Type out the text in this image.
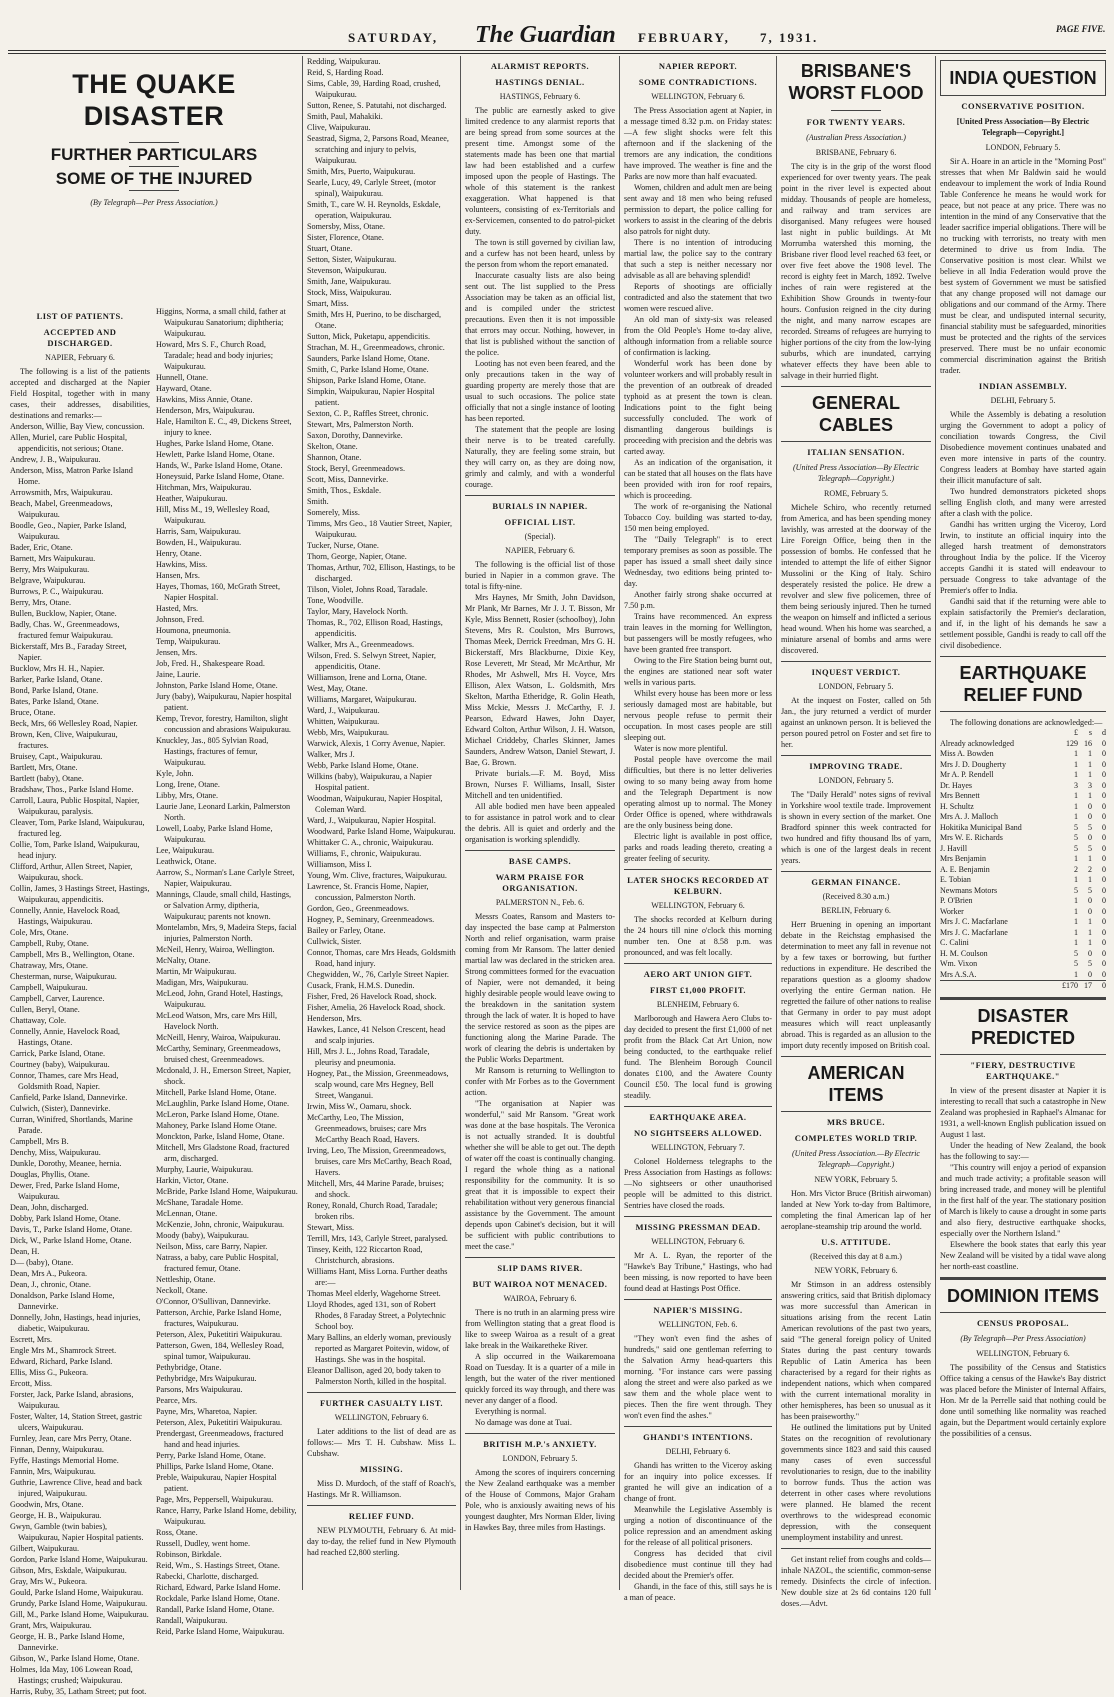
SATURDAY, The Guardian FEBRUARY, 7, 1931.
PAGE FIVE.
THE QUAKE DISASTER
FURTHER PARTICULARS
SOME OF THE INJURED
(By Telegraph—Per Press Association.)
LIST OF PATIENTS.
ACCEPTED AND DISCHARGED.
NAPIER, February 6.

The following is a list of the patients accepted and discharged at the Napier Field Hospital, together with in many cases, their addresses, disabilities, destinations and remarks:—

Anderson, Willie, Bay View, concussion.
Allen, Muriel, care Public Hospital, appendicitis, not serious; Otane.
Andrew, J. B., Waipukurau.
Anderson, Miss, Matron Parke Island Home.
Arrowsmith, Mrs, Waipukurau.
Beach, Mabel, Greenmeadows, Waipukurau.
Boodle, Geo., Napier, Parke Island, Waipukurau.
Bader, Eric, Otane.
Barnett, Mrs Waipukurau.
Berry, Mrs Waipukurau.
Belgrave, Waipukurau.
Burrows, P. C., Waipukurau.
Berry, Mrs, Otane.
Bullen, Bucklow, Napier, Otane.
Badly, Chas. W., Greenmeadows, fractured femur Waipukurau.
Bickerstaff, Mrs B., Faraday Street, Napier.
Bucklow, Mrs H. H., Napier.
Barker, Parke Island, Otane.
Bond, Parke Island, Otane.
Bates, Parke Island, Otane.
Bruce, Otane.
Beck, Mrs, 66 Wellesley Road, Napier.
Brown, Ken, Clive, Waipukurau, fractures.
Bruisey, Capt., Waipukurau.
Bartlett, Mrs, Otane.
Bartlett (baby), Otane.
Bradshaw, Thos., Parke Island Home.
Carroll, Laura, Public Hospital, Napier, Waipukurau, paralysis.
Cleaver, Tom, Parke Island, Waipukurau, fractured leg.
Collie, Tom, Parke Island, Waipukurau, head injury.
Clifford, Arthur, Allen Street, Napier, Waipukurau, shock.
Collin, James, 3 Hastings Street, Hastings, Waipukurau, appendicitis.
Connelly, Annie, Havelock Road, Hastings, Waipukurau.
Cole, Mrs, Otane.
Campbell, Ruby, Otane.
Campbell, Mrs B., Wellington, Otane.
Chatraway, Mrs, Otane.
Chesterman, nurse, Waipukurau.
Campbell, Waipukurau.
Campbell, Carver, Laurence.
Cullen, Beryl, Otane.
Chattaway, Cole.
Connelly, Annie, Havelock Road, Hastings, Otane.
Carrick, Parke Island, Otane.
Courtney (baby), Waipukurau.
Connor, Thames, care Mrs Head, Goldsmith Road, Napier.
Canfield, Parke Island, Dannevirke.
Culwich, (Sister), Dannevirke.
Curran, Winifred, Shortlands, Marine Parade.
Campbell, Mrs B.
Denchy, Miss, Waipukurau.
Dunkle, Dorothy, Meanee, hernia.
Douglas, Phyllis, Otane.
Dewer, Fred, Parke Island Home, Waipukurau.
Dean, John, discharged.
Dobby, Park Island Home, Otane.
Davis, T., Parke Island Home, Otane.
Dick, W., Parke Island Home, Otane.
Dean, H.
D— (baby), Otane.
Dean, Mrs A., Pukeora.
Dean, J., chronic, Otane.
Donaldson, Parke Island Home, Dannevirke.
Donnelly, John, Hastings, head injuries, diabetic, Waipukurau.
Escrett, Mrs.
Engle Mrs M., Shamrock Street.
Edward, Richard, Parke Island.
Ellis, Miss G., Pukeora.
Ercott, Miss.
Forster, Jack, Parke Island, abrasions, Waipukurau.
Foster, Walter, 14, Station Street, gastric ulcers, Waipukurau.
Furnley, Jean, care Mrs Perry, Otane.
Finnan, Denny, Waipukurau.
Fyffe, Hastings Memorial Home.
Fannin, Mrs, Waipukurau.
Guthrie, Lawrence Clive, head and back injured, Waipukurau.
Goodwin, Mrs, Otane.
George, H. B., Waipukurau.
Gwyn, Gamble (twin babies), Waipukurau, Napier Hospital patients.
Gilbert, Waipukurau.
Gordon, Parke Island Home, Waipukurau.
Gibson, Mrs, Eskdale, Waipukurau.
Gray, Mrs W., Pukeora.
Gould, Parke Island Home, Waipukurau.
Grundy, Parke Island Home, Waipukurau.
Gill, M., Parke Island Home, Waipukurau.
Grant, Mrs, Waipukurau.
George, H. B., Parke Island Home, Dannevirke.
Gibson, W., Parke Island Home, Otane.
Holmes, Ida May, 106 Lowean Road, Hastings; crushed; Waipukurau.
Harris, Ruby, 35, Latham Street; put foot.
Higgins, Norma, a small child, father at Waipukurau Sanatorium; diphtheria; Waipukurau.
Howard, Mrs S. F., Church Road, Taradale; head and body injuries; Waipukurau.
Hunnell, Otane.
Hayward, Otane.
Hawkins, Miss Annie, Otane.
Henderson, Mrs, Waipukurau.
Hale, Hamilton E. C., 49, Dickens Street, injury to knee.
Hughes, Parke Island Home, Otane.
Hewlett, Parke Island Home, Otane.
Hands, W., Parke Island Home, Otane.
Honeysuid, Parke Island Home, Otane.
Hitchman, Mrs, Waipukurau.
Heather, Waipukurau.
Hill, Miss M., 19, Wellesley Road, Waipukurau.
Harris, Sam, Waipukurau.
Bowden, H., Waipukurau.
Henry, Otane.
Hawkins, Miss.
Hansen, Mrs.
Hayes, Thomas, 160, McGrath Street, Napier Hospital.
Hasted, Mrs.
Johnson, Fred.
Houmona, pneumonia.
Temp, Waipukurau.
Jensen, Mrs.
Job, Fred. H., Shakespeare Road.
Jaine, Laurie.
Johnston, Parke Island Home, Otane.
Jury (baby), Waipukurau, Napier hospital patient.
Kemp, Trevor, forestry, Hamilton, slight concussion and abrasions Waipukurau.
Knuckley, Jas., 805 Sylvian Road, Hastings, fractures of femur, Waipukurau.
Kyle, John.
Long, Irene, Otane.
Libby, Mrs, Otane.
Laurie Jane, Leonard Larkin, Palmerston North.
Lowell, Loaby, Parke Island Home, Waipukurau.
Lee, Waipukurau.
Leathwick, Otane.
Aarrow, S., Norman's Lane Carlyle Street, Napier, Waipukurau.
Mannings, Claude, small child, Hastings, or Salvation Army, diptheria, Waipukurau; parents not known.
Montelambn, Mrs, 9, Madeira Steps, facial injuries, Palmerston North.
McNeil, Henry, Wairoa, Wellington.
McNalty, Otane.
Martin, Mr Waipukurau.
Madigan, Mrs, Waipukurau.
McLeod, John, Grand Hotel, Hastings, Waipukurau.
McLeod Watson, Mrs, care Mrs Hill, Havelock North.
McNeill, Henry, Wairoa, Waipukurau.
McCarthy, Seminary, Greenmeadows, bruised chest, Greenmeadows.
Mcdonald, J. H., Emerson Street, Napier, shock.
Mitchell, Parke Island Home, Otane.
McLaughlin, Parke Island Home, Otane.
McLeron, Parke Island Home, Otane.
Mahoney, Parke Island Home Otane.
Monckton, Parke, Island Home, Otane.
Mitchell, Mrs Gladstone Road, fractured arm, discharged.
Murphy, Laurie, Waipukurau.
Harkin, Victor, Otane.
McBride, Parke Island Home, Waipukurau.
McShane, Taradale Home.
McLennan, Otane.
McKenzie, John, chronic, Waipukurau.
Moody (baby), Waipukurau.
Neilson, Miss, care Barry, Napier.
Natrass, a baby, care Public Hospital, fractured femur, Otane.
Nettleship, Otane.
Neckoll, Otane.
O'Connor, O'Sullivan, Dannevirke.
Patterson, Archie, Parke Island Home, fractures, Waipukurau.
Peterson, Alex, Puketitiri Waipukurau.
Patterson, Gwen, 184, Wellesley Road, spinal tumor, Waipukurau.
Pethybridge, Otane.
Pethybridge, Mrs Waipukurau.
Parsons, Mrs Waipukurau.
Pearce, Mrs.
Payne, Mrs, Wharetoa, Napier.
Peterson, Alex, Puketitiri Waipukurau.
Prendergast, Greenmeadows, fractured hand and head injuries.
Perry, Parke Island Home, Otane.
Phillips, Parke Island Home, Otane.
Preble, Waipukurau, Napier Hospital patient.
Page, Mrs, Peppersell, Waipukurau.
Rance, Harry, Parke Island Home, debility, Waipukurau.
Ross, Otane.
Russell, Dudley, went home.
Robinson, Birkdale.
Reid, Wm., S. Hastings Street, Otane.
Rabecki, Charlotte, discharged.
Richard, Edward, Parke Island Home.
Rockdale, Parke Island Home, Otane.
Randall, Parke Island Home, Otane.
Randall, Waipukurau.
Reid, Parke Island Home, Waipukurau.
Redding, Waipukurau.
Reid, S, Harding Road.
Sims, Cable, 39, Harding Road, crushed, Waipukurau.
Sutton, Renee, S. Patutahi, not discharged.
Smith, Paul, Mahakiki.
Clive, Waipukurau.
Seastrad, Sigma, 2, Parsons Road, Meanee, scratching and injury to pelvis, Waipukurau.
Smith, Mrs, Puerto, Waipukurau.
Searle, Lucy, 49, Carlyle Street, (motor spinal), Waipukurau.
Smith, T., care W. H. Reynolds, Eskdale, operation, Waipukurau.
Somersby, Miss, Otane.
Sister, Florence, Otane.
Stuart, Otane.
Setton, Sister, Waipukurau.
Stevenson, Waipukurau.
Smith, Jane, Waipukurau.
Stock, Miss, Waipukurau.
Smart, Miss.
Smith, Mrs H, Puerino, to be discharged, Otane.
Sutton, Mick, Puketapu, appendicitis.
Strachan, M. H., Greenmeadows, chronic.
Saunders, Parke Island Home, Otane.
Smith, C, Parke Island Home, Otane.
Shipson, Parke Island Home, Otane.
Simpkin, Waipukurau, Napier Hospital patient.
Sexton, C. P., Raffles Street, chronic.
Stewart, Mrs, Palmerston North.
Saxon, Dorothy, Dannevirke.
Skelton, Otane.
Shannon, Otane.
Stock, Beryl, Greenmeadows.
Scott, Miss, Dannevirke.
Smith, Thos., Eskdale.
Smith.
Somerely, Miss.
Timms, Mrs Geo., 18 Vautier Street, Napier, Waipukurau.
Tucker, Nurse, Otane.
Thorn, George, Napier, Otane.
Thomas, Arthur, 702, Ellison, Hastings, to be discharged.
Tilson, Violet, Johns Road, Taradale.
Tone, Woodville.
Taylor, Mary, Havelock North.
Thomas, R., 702, Ellison Road, Hastings, appendicitis.
Walker, Mrs A., Greenmeadows.
Wilson, Fred. S. Selwyn Street, Napier, appendicitis, Otane.
Williamson, Irene and Lorna, Otane.
West, May, Otane.
Williams, Margaret, Waipukurau.
Ward, J., Waipukurau.
Whitten, Waipukurau.
Webb, Mrs, Waipukurau.
Warwick, Alexis, 1 Corry Avenue, Napier.
Walker, Mrs J.
Webb, Parke Island Home, Otane.
Wilkins (baby), Waipukurau, a Napier Hospital patient.
Woodman, Waipukurau, Napier Hospital, Coleman Ward.
Ward, J., Waipukurau, Napier Hospital.
Woodward, Parke Island Home, Waipukurau.
Whittaker C. A., chronic, Waipukurau.
Williams, F., chronic, Waipukurau.
Williamson, Miss I.
Young, Wm. Clive, fractures, Waipukurau.
Lawrence, St. Francis Home, Napier, concussion, Palmerston North.
Gordon, Geo., Greenmeadows.
Hogney, P., Seminary, Greenmeadows.
Bailey or Farley, Otane.
Cullwick, Sister.
Connor, Thomas, care Mrs Heads, Goldsmith Road, hand injury.
Chegwidden, W., 76, Carlyle Street Napier.
Cusack, Frank, H.M.S. Dunedin.
Fisher, Fred, 26 Havelock Road, shock.
Fisher, Amelia, 26 Havelock Road, shock.
Henderson, Mrs.
Hawkes, Lance, 41 Nelson Crescent, head and scalp injuries.
Hill, Mrs J. L., Johns Road, Taradale, pleurisy and pneumonia.
Hogney, Pat., the Mission, Greenmeadows, scalp wound, care Mrs Hegney, Bell Street, Wanganui.
Irwin, Miss W., Oamaru, shock.
McCarthy, Leo, The Mission, Greenmeadows, bruises; care Mrs McCarthy Beach Road, Havers.
Irving, Leo, The Mission, Greenmeadows, bruises, care Mrs McCarthy, Beach Road, Havers.
Mitchell, Mrs, 44 Marine Parade, bruises; and shock.
Roney, Ronald, Church Road, Taradale; broken ribs.
Stewart, Miss.
Terrill, Mrs, 143, Carlyle Street, paralysed.
Tinsey, Keith, 122 Riccarton Road, Christchurch, abrasions.
Williams Hant, Miss Lorna. Further deaths are:—
Thomas Meel elderly, Wagehorne Street.
Lloyd Rhodes, aged 131, son of Robert Rhodes, 8 Faraday Street, a Polytechnic School boy.
Mary Ballins, an elderly woman, previously reported as Margaret Poitevin, widow, of Hastings. She was in the hospital.
Eleanor Dallison, aged 20, body taken to Palmerston North, killed in the hospital.
FURTHER CASUALTY LIST.
WELLINGTON, February 6.

Later additions to the list of dead are as follows:— Mrs T. H. Cubshaw. Miss L. Cubshaw.

MISSING.

Miss D. Murdoch, of the staff of Roach's, Hastings. Mr R. Williamson.

RELIEF FUND.

NEW PLYMOUTH, February 6. At mid-day to-day, the relief fund in New Plymouth had reached £2,800 sterling.

ALARMIST REPORTS.
HASTINGS DENIAL.
HASTINGS, February 6.

The public are earnestly asked to give limited credence to any alarmist reports that are being spread from some sources at the present time. Amongst some of the statements made has been one that martial law had been established and a curfew imposed upon the people of Hastings. The whole of this statement is the rankest exaggeration. What happened is that volunteers, consisting of ex-Territorials and ex-Servicemen, consented to do patrol-picket duty.

The town is still governed by civilian law, and a curfew has not been heard, unless by the person from whom the report emanated.

Inaccurate casualty lists are also being sent out. The list supplied to the Press Association may be taken as an official list, and is compiled under the strictest precautions. Even then it is not impossible that errors may occur. Nothing, however, in that list is published without the sanction of the police.

Looting has not even been feared, and the only precautions taken in the way of guarding property are merely those that are usual to such occasions. The police state officially that not a single instance of looting has been reported.

The statement that the people are losing their nerve is to be treated carefully. Naturally, they are feeling some strain, but they will carry on, as they are doing now, grimly and calmly, and with a wonderful courage.

BURIALS IN NAPIER.
OFFICIAL LIST.
(Special).
NAPIER, February 6.

The following is the official list of those buried in Napier in a common grave. The total is fifty-nine.

Mrs Haynes, Mr Smith, John Davidson, Mr Plank, Mr Barnes, Mr J. J. T. Bisson, Mr Kyle, Miss Bennett, Rosier (schoolboy), John Stevens, Mrs R. Coulston, Mrs Burrows, Thomas Meek, Derrick Freedman, Mrs G. H. Bickerstaff, Mrs Blackburne, Dixie Key, Rose Leverett, Mr Stead, Mr McArthur, Mr Rhodes, Mr Ashwell, Mrs H. Voyce, Mrs Ellison, Alex Watson, L. Goldsmith, Mrs Skelton, Martha Etheridge, R. Golin Heath, Miss Mckie, Messrs J. McCarthy, F. J. Pearson, Edward Hawes, John Dayer, Edward Colton, Arthur Wilson, J. H. Watson, Michael Criddeby, Charles Skinner, James Saunders, Andrew Watson, Daniel Stewart, J. Bae, G. Brown.

Private burials.—F. M. Boyd, Miss Brown, Nurses F. Williams, Insall, Sister Mitchell and ten unidentified.

All able bodied men have been appealed to for assistance in patrol work and to clear the debris. All is quiet and orderly and the organisation is working splendidly.

BASE CAMPS.
WARM PRAISE FOR ORGANISATION.
PALMERSTON N., Feb. 6.

Messrs Coates, Ransom and Masters to-day inspected the base camp at Palmerston North and relief organisation, warm praise coming from Mr Ransom. The latter denied martial law was declared in the stricken area. Strong committees formed for the evacuation of Napier, were not demanded, it being highly desirable people would leave owing to the breakdown in the sanitation system through the lack of water. It is hoped to have the service restored as soon as the pipes are functioning along the Marine Parade. The work of clearing the debris is undertaken by the Public Works Department.

Mr Ransom is returning to Wellington to confer with Mr Forbes as to the Government action.

"The organisation at Napier was wonderful," said Mr Ransom. "Great work was done at the base hospitals. The Veronica is not actually stranded. It is doubtful whether she will be able to get out. The depth of water off the coast is continually changing. I regard the whole thing as a national responsibility for the community. It is so great that it is impossible to expect their rehabilitation without very generous financial assistance by the Government. The amount depends upon Cabinet's decision, but it will be sufficient with public contributions to meet the case."

SLIP DAMS RIVER.
BUT WAIROA NOT MENACED.
WAIROA, February 6.

There is no truth in an alarming press wire from Wellington stating that a great flood is like to sweep Wairoa as a result of a great lake break in the Waikaretheke River.

A slip occurred in the Waikaremoana Road on Tuesday. It is a quarter of a mile in length, but the water of the river mentioned quickly forced its way through, and there was never any danger of a flood.

Everything is normal.

No damage was done at Tuai.

BRITISH M.P.'s ANXIETY.
LONDON, February 5.

Among the scores of inquirers concerning the New Zealand earthquake was a member of the House of Commons, Major Graham Pole, who is anxiously awaiting news of his youngest daughter, Mrs Norman Elder, living in Hawkes Bay, three miles from Hastings.

NAPIER REPORT.
SOME CONTRADICTIONS.
WELLINGTON, February 6.

The Press Association agent at Napier, in a message timed 8.32 p.m. on Friday states:—A few slight shocks were felt this afternoon and if the slackening of the tremors are any indication, the conditions have improved. The weather is fine and the Parks are now more than half evacuated.

Women, children and adult men are being sent away and 18 men who being refused permission to depart, the police calling for workers to assist in the clearing of the debris also patrols for night duty.

There is no intention of introducing martial law, the police say to the contrary that such a step is neither necessary nor advisable as all are behaving splendid!

Reports of shootings are officially contradicted and also the statement that two women were rescued alive.

An old man of sixty-six was released from the Old People's Home to-day alive, although information from a reliable source of confirmation is lacking.

Wonderful work has been done by volunteer workers and will probably result in the prevention of an outbreak of dreaded typhoid as at present the town is clean. Indications point to the fight being successfully concluded. The work of dismantling dangerous buildings is proceeding with precision and the debris was carted away.

As an indication of the organisation, it can be stated that all houses on the flats have been provided with iron for roof repairs, which is proceeding.

The work of re-organising the National Tobacco Coy. building was started to-day, 150 men being employed.

The "Daily Telegraph" is to erect temporary premises as soon as possible. The paper has issued a small sheet daily since Wednesday, two editions being printed to-day.

Another fairly strong shake occurred at 7.50 p.m.

Trains have recommenced. An express train leaves in the morning for Wellington, but passengers will be mostly refugees, who have been granted free transport.

Owing to the Fire Station being burnt out, the engines are stationed near soft water wells in various parts.

Whilst every house has been more or less seriously damaged most are habitable, but nervous people refuse to permit their occupation. In most cases people are still sleeping out.

Water is now more plentiful.

Postal people have overcome the mail difficulties, but there is no letter deliveries owing to so many being away from home and the Telegraph Department is now operating almost up to normal. The Money Order Office is opened, where withdrawals are the only business being done.

Electric light is available in post office, parks and roads leading thereto, creating a greater feeling of security.

LATER SHOCKS RECORDED AT KELBURN.
WELLINGTON, February 6.

The shocks recorded at Kelburn during the 24 hours till nine o'clock this morning number ten. One at 8.58 p.m. was pronounced, and was felt locally.

AERO ART UNION GIFT.
FIRST £1,000 PROFIT.
BLENHEIM, February 6.

Marlborough and Hawera Aero Clubs to-day decided to present the first £1,000 of net profit from the Black Cat Art Union, now being conducted, to the earthquake relief fund. The Blenheim Borough Council donates £100, and the Awatere County Council £50. The local fund is growing steadily.

EARTHQUAKE AREA.
NO SIGHTSEERS ALLOWED.
WELLINGTON, February 7.

Colonel Holderness telegraphs to the Press Association from Hastings as follows:—No sightseers or other unauthorised people will be admitted to this district. Sentries have closed the roads.

MISSING PRESSMAN DEAD.
WELLINGTON, February 6.

Mr A. L. Ryan, the reporter of the "Hawke's Bay Tribune," Hastings, who had been missing, is now reported to have been found dead at Hastings Post Office.

NAPIER'S MISSING.
WELLINGTON, Feb. 6.

"They won't even find the ashes of hundreds," said one gentleman referring to the Salvation Army head-quarters this morning. "For instance cars were passing along the street and were also parked as we saw them and the whole place went to pieces. Then the fire went through. They won't even find the ashes."

GHANDI'S INTENTIONS.
DELHI, February 6.

Ghandi has written to the Viceroy asking for an inquiry into police excesses. If granted he will give an indication of a change of front.

Meanwhile the Legislative Assembly is urging a notion of discontinuance of the police repression and an amendment asking for the release of all political prisoners.

Congress has decided that civil disobedience must continue till they had decided about the Premier's offer.

Ghandi, in the face of this, still says he is a man of peace.

BRISBANE'S WORST FLOOD
FOR TWENTY YEARS.
(Australian Press Association.)
BRISBANE, February 6.

The city is in the grip of the worst flood experienced for over twenty years. The peak point in the river level is expected about midday. Thousands of people are homeless, and railway and tram services are disorganised. Many refugees were housed last night in public buildings. At Mt Morrumba watershed this morning, the Brisbane river flood level reached 63 feet, or over five feet above the 1908 level. The record is eighty feet in March, 1892. Twelve inches of rain were registered at the Exhibition Show Grounds in twenty-four hours. Confusion reigned in the city during the night, and many narrow escapes are recorded. Streams of refugees are hurrying to higher portions of the city from the low-lying suburbs, which are inundated, carrying whatever effects they have been able to salvage in their hurried flight.

GENERAL CABLES
ITALIAN SENSATION.
(United Press Association—By Electric Telegraph—Copyright.)
ROME, February 5.

Michele Schiro, who recently returned from America, and has been spending money lavishly, was arrested at the doorway of the Lire Foreign Office, being then in the possession of bombs. He confessed that he intended to attempt the life of either Signor Mussolini or the King of Italy. Schiro desperately resisted the police. He drew a revolver and slew five policemen, three of them being seriously injured. Then he turned the weapon on himself and inflicted a serious head wound. When his home was searched, a miniature arsenal of bombs and arms were discovered.

INQUEST VERDICT.
LONDON, February 5.

At the inquest on Foster, called on 5th Jan., the jury returned a verdict of murder against an unknown person. It is believed the person poured petrol on Foster and set fire to her.

IMPROVING TRADE.
LONDON, February 5.

The "Daily Herald" notes signs of revival in Yorkshire wool textile trade. Improvement is shown in every section of the market. One Bradford spinner this week contracted for two hundred and fifty thousand lbs of yarn, which is one of the largest deals in recent years.

GERMAN FINANCE.
(Received 8.30 a.m.)
BERLIN, February 6.

Herr Bruening in opening an important debate in the Reichstag emphasised the determination to meet any fall in revenue not by a few taxes or borrowing, but further reductions in expenditure. He described the reparations question as a gloomy shadow overlying the entire German nation. He regretted the failure of other nations to realise that Germany in order to pay must adopt measures which will react unpleasantly abroad. This is regarded as an allusion to the import duty recently imposed on British coal.

AMERICAN ITEMS
MRS BRUCE.
COMPLETES WORLD TRIP.
(United Press Association.—By Electric Telegraph—Copyright.)
NEW YORK, February 5.

Hon. Mrs Victor Bruce (British airwoman) landed at New York to-day from Baltimore, completing the final American lap of her aeroplane-steamship trip around the world.

U.S. ATTITUDE.
(Received this day at 8 a.m.)
NEW YORK, February 6.

Mr Stimson in an address ostensibly answering critics, said that British diplomacy was more successful than American in situations arising from the recent Latin American revolutions of the past two years, said "The general foreign policy of United States during the past century towards Republic of Latin America has been characterised by a regard for their rights as independent nations, which when compared with the current international morality in other hemispheres, has been so unusual as it has been praiseworthy."

He outlined the limitations put by United States on the recognition of revolutionary governments since 1823 and said this caused many cases of even successful revolutionaries to resign, due to the inability to borrow funds. Thus the action was deterrent in other cases where revolutions were planned. He blamed the recent overthrows to the widespread economic depression, with the consequent unemployment instability and unrest.

Get instant relief from coughs and colds—inhale NAZOL, the scientific, common-sense remedy. Disinfects the circle of infection. New double size at 2s 6d contains 120 full doses.—Advt.

INDIA QUESTION
CONSERVATIVE POSITION.
[United Press Association—By Electric Telegraph—Copyright.]
LONDON, February 5.

Sir A. Hoare in an article in the "Morning Post" stresses that when Mr Baldwin said he would endeavour to implement the work of India Round Table Conference he means he would work for peace, but not peace at any price. There was no intention in the mind of any Conservative that the leader sacrifice imperial obligations. There will be no trucking with terrorists, no treaty with men determined to drive us from India. The Conservative position is most clear. Whilst we believe in all India Federation would prove the best system of Government we must be satisfied that any change proposed will not damage our obligations and our command of the Army. There must be clear, and undisputed internal security, financial stability must be safeguarded, minorities must be protected and the rights of the services preserved. There must be no unfair economic commercial discrimination against the British trader.

INDIAN ASSEMBLY.
DELHI, February 5.

While the Assembly is debating a resolution urging the Government to adopt a policy of conciliation towards Congress, the Civil Disobedience movement continues unabated and even more intensive in parts of the country. Congress leaders at Bombay have started again their illicit manufacture of salt.

Two hundred demonstrators picketed shops selling English cloth, and many were arrested after a clash with the police.

Gandhi has written urging the Viceroy, Lord Irwin, to institute an official inquiry into the alleged harsh treatment of demonstrators throughout India by the police. If the Viceroy accepts Gandhi it is stated will endeavour to persuade Congress to take advantage of the Premier's offer to India.

Gandhi said that if the returning were able to explain satisfactorily the Premier's declaration, and if, in the light of his demands he saw a settlement possible, Gandhi is ready to call off the civil disobedience.

EARTHQUAKE RELIEF FUND

The following donations are acknowledged:—

	£	s	d
Already acknowledged	129	16	0
Miss A. Bowden	1	1	0
Mrs J. D. Dougherty	1	1	0
Mr A. P. Rendell	1	1	0
Dr. Hayes	3	3	0
Mrs Bennett	1	1	0
H. Schultz	1	0	0
Mrs A. J. Malloch	1	0	0
Hokitika Municipal Band	5	5	0
Mrs W. E. Richards	5	0	0
J. Havill	5	5	0
Mrs Benjamin	1	1	0
A. E. Benjamin	2	2	0
E. Tobian	1	1	0
Newmans Motors	5	5	0
P. O'Brien	1	0	0
Worker	1	0	0
Mrs J. C. Macfarlane	1	1	0
Mrs J. C. Macfarlane	1	1	0
C. Calini	1	1	0
H. M. Coulson	5	0	0
Wm. Vixon	5	5	0
Mrs A.S.A.	1	0	0
	£170	17	0
DISASTER PREDICTED
"FIERY, DESTRUCTIVE EARTHQUAKE."

In view of the present disaster at Napier it is interesting to recall that such a catastrophe in New Zealand was prophesied in Raphael's Almanac for 1931, a well-known English publication issued on August 1 last.

Under the heading of New Zealand, the book has the following to say:—

"This country will enjoy a period of expansion and much trade activity; a profitable season will bring increased trade, and money will be plentiful in the first half of the year. The stationary position of March is likely to cause a drought in some parts and also fiery, destructive earthquake shocks, especially over the Northern Island."

Elsewhere the book states that early this year New Zealand will be visited by a tidal wave along her north-east coastline.

DOMINION ITEMS
CENSUS PROPOSAL.
(By Telegraph—Per Press Association)
WELLINGTON, February 6.

The possibility of the Census and Statistics Office taking a census of the Hawke's Bay district was placed before the Minister of Internal Affairs, Hon. Mr de la Perrelle said that nothing could be done until something like normality was reached again, but the Department would certainly explore the possibilities of a census.
